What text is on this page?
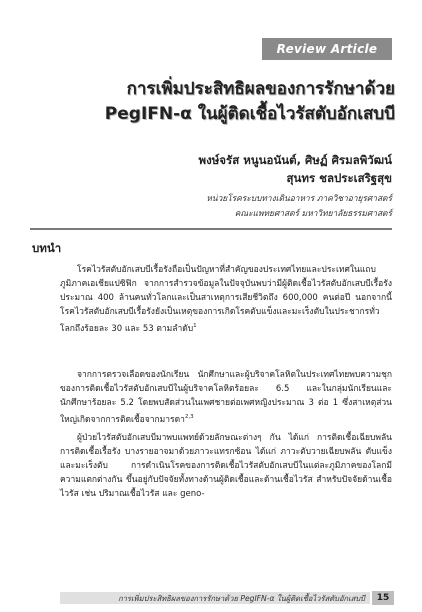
Review Article
การเพิ่มประสิทธิผลของการรักษาด้วย
PegIFN-α ในผู้ติดเชื้อไวรัสตับอักเสบบี
พงษ์จรัส หนูนอนันต์, ศิษฏ์ ศิรมลพิวัฒน์
สุนทร ชลประเสริฐสุข
หน่วยโรคระบบทางเดินอาหาร ภาควิชาอายุรศาสตร์
คณะแพทยศาสตร์ มหาวิทยาลัยธรรมศาสตร์
บทนำ

  โรคไวรัสตับอักเสบบีเรื้อรังถือเป็นปัญหาที่สำคัญของประเทศไทยและประเทศในแถบภูมิภาคเอเชียแปซิฟิก จากการสำรวจข้อมูลในปัจจุบันพบว่ามีผู้ติดเชื้อไวรัสตับอักเสบบีเรื้อรังประมาณ 400 ล้านคนทั่วโลกและเป็นสาเหตุการเสียชีวิตถึง 600,000 คนต่อปี นอกจากนี้ โรคไวรัสตับอักเสบบีเรื้อรังยังเป็นเหตุของการเกิดโรคตับแข็งและมะเร็งตับในประชากรทั่วโลกถึงร้อยละ 30 และ 53 ตามลำดับ$^1$

  จากการตรวจเลือดของนักเรียน นักศึกษาและผู้บริจาคโลหิตในประเทศไทยพบความชุกของการติดเชื้อไวรัสตับอักเสบบีในผู้บริจาคโลหิตร้อยละ 6.5 และในกลุ่มนักเรียนและนักศึกษาร้อยละ 5.2 โดยพบสัดส่วนในเพศชายต่อเพศหญิงประมาณ 3 ต่อ 1 ซึ่งสาเหตุส่วนใหญ่เกิดจากการติดเชื้อจากมารดา$^{2,3}$

  ผู้ป่วยไวรัสตับอักเสบบีมาพบแพทย์ด้วยลักษณะต่างๆ กัน ได้แก่ การติดเชื้อเฉียบพลัน การติดเชื้อเรื้อรัง บางรายอาจมาด้วยภาวะแทรกซ้อน ได้แก่ ภาวะตับวายเฉียบพลัน ตับแข็ง และมะเร็งตับ การดำเนินโรคของการติดเชื้อไวรัสตับอักเสบบีในแต่ละภูมิภาคของโลกมีความแตกต่างกัน ขึ้นอยู่กับปัจจัยทั้งทางด้านผู้ติดเชื้อและด้านเชื้อไวรัส สำหรับปัจจัยด้านเชื้อไวรัส เช่น ปริมาณเชื้อไวรัส และ geno-

การเพิ่มประสิทธิผลของการรักษาด้วย PegIFN-α ในผู้ติดเชื้อไวรัสตับอักเสบบี	15
